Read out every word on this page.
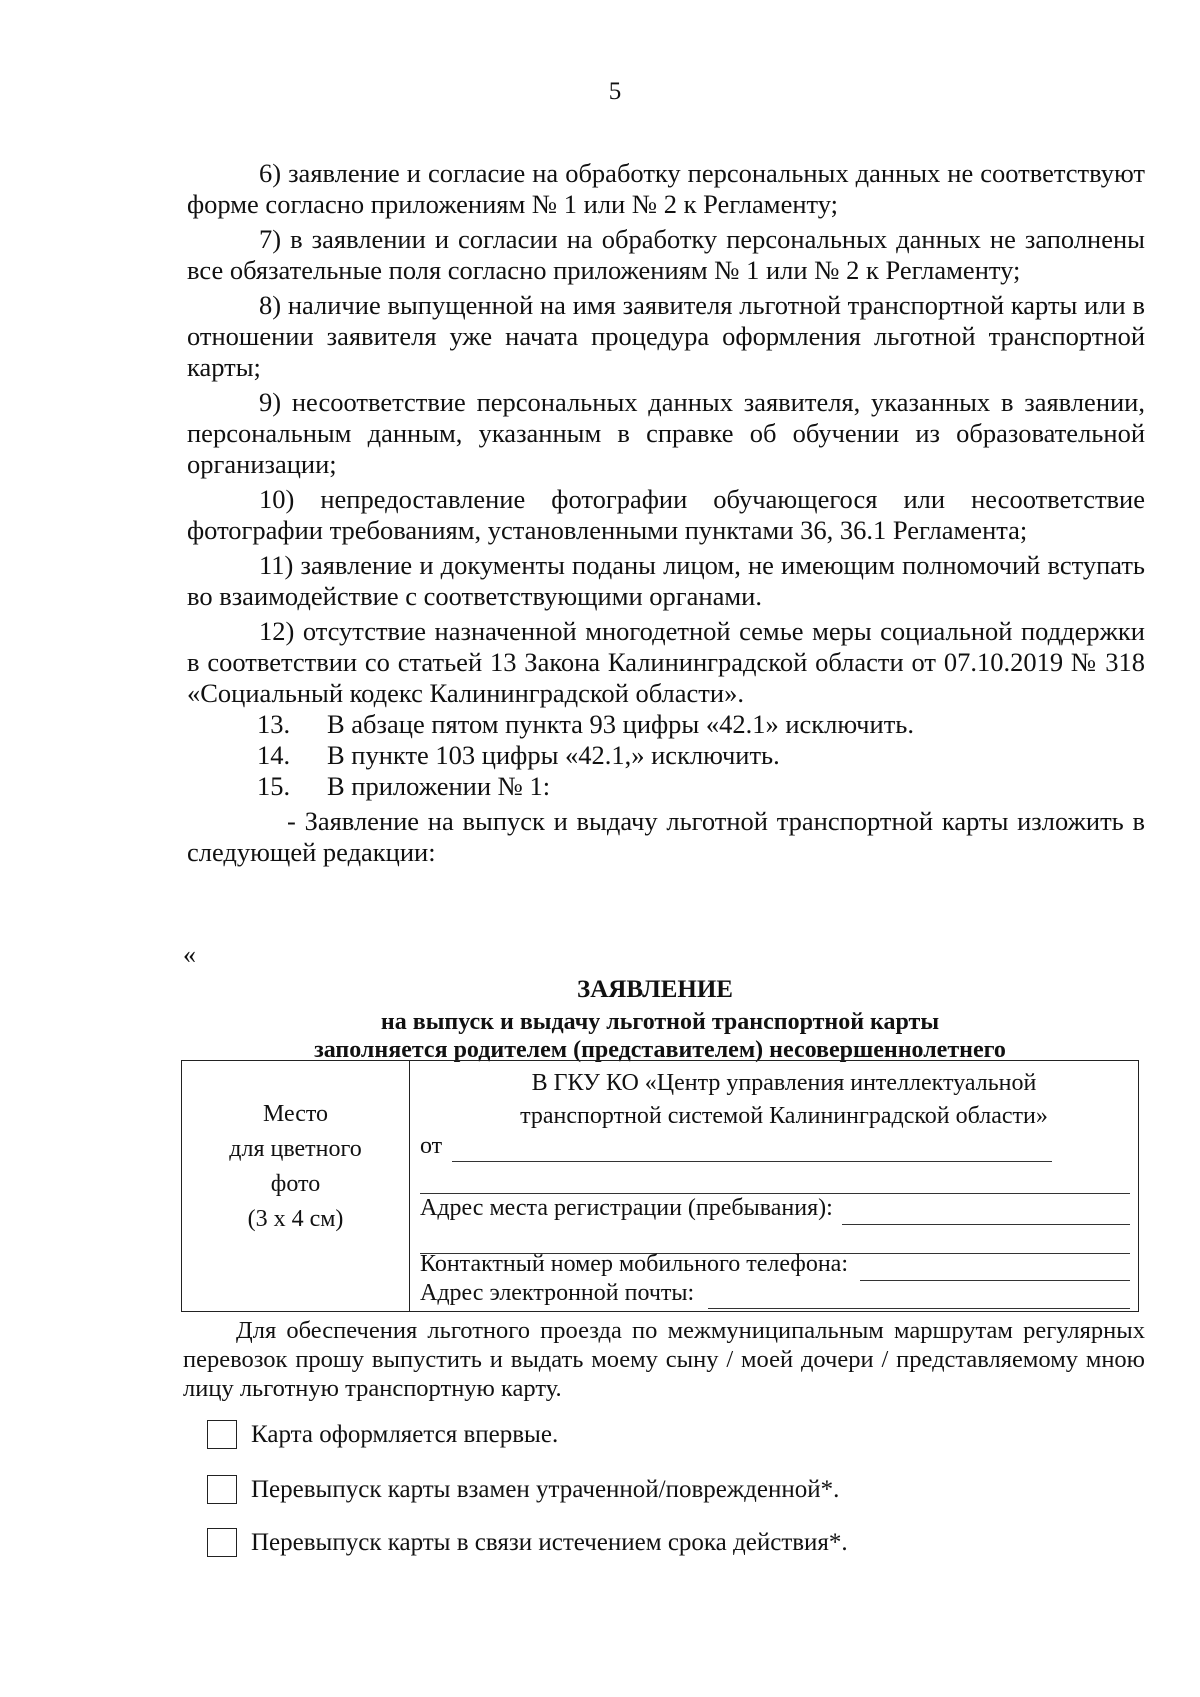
5

6) заявление и согласие на обработку персональных данных не соответствуют форме согласно приложениям № 1 или № 2 к Регламенту;

7) в заявлении и согласии на обработку персональных данных не заполнены все обязательные поля согласно приложениям № 1 или № 2 к Регламенту;

8) наличие выпущенной на имя заявителя льготной транспортной карты или в отношении заявителя уже начата процедура оформления льготной транспортной карты;

9) несоответствие персональных данных заявителя, указанных в заявлении, персональным данным, указанным в справке об обучении из образовательной организации;

10) непредоставление фотографии обучающегося или несоответствие фотографии требованиям, установленными пунктами 36, 36.1 Регламента;

11) заявление и документы поданы лицом, не имеющим полномочий вступать во взаимодействие с соответствующими органами.

12) отсутствие назначенной многодетной семье меры социальной поддержки в соответствии со статьей 13 Закона Калининградской области от 07.10.2019 № 318 «Социальный кодекс Калининградской области».

13.	В абзаце пятом пункта 93 цифры «42.1» исключить.
14.	В пункте 103 цифры «42.1,» исключить.
15.	В приложении № 1:

- Заявление на выпуск и выдачу льготной транспортной карты изложить в следующей редакции:

«
ЗАЯВЛЕНИЕ
на выпуск и выдачу льготной транспортной карты
заполняется родителем (представителем) несовершеннолетнего
Место
для цветного
фото
(3 х 4 см)
В ГКУ КО «Центр управления интеллектуальной
транспортной системой Калининградской области»
от
Адрес места регистрации (пребывания):
Контактный номер мобильного телефона:
Адрес электронной почты:
Для обеспечения льготного проезда по межмуниципальным маршрутам регулярных перевозок прошу выпустить и выдать моему сыну / моей дочери / представляемому мною лицу льготную транспортную карту.
Карта оформляется впервые.
Перевыпуск карты взамен утраченной/поврежденной*.
Перевыпуск карты в связи истечением срока действия*.
